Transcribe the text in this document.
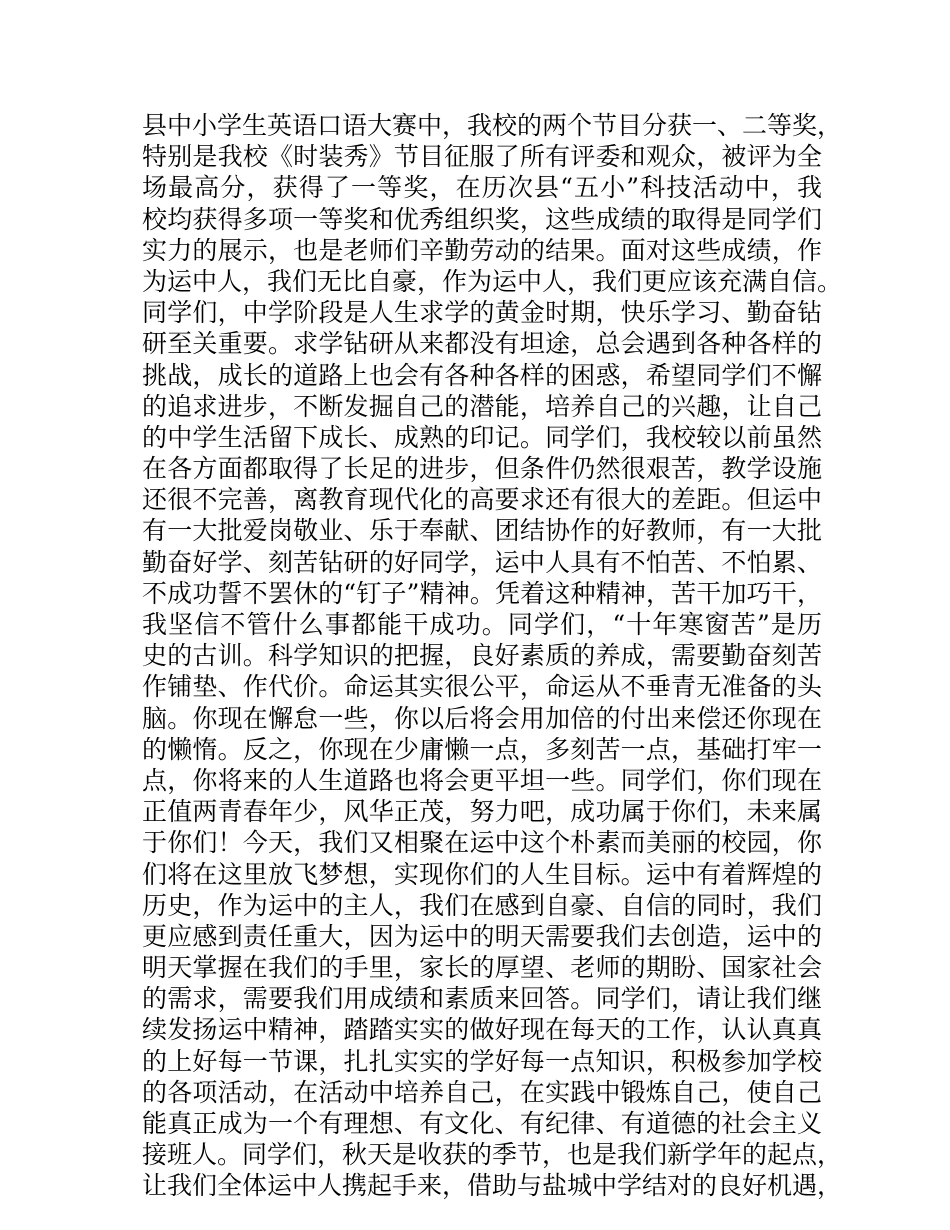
县中小学生英语口语大赛中，我校的两个节目分获一、二等奖，
特别是我校《时装秀》节目征服了所有评委和观众，被评为全
场最高分，获得了一等奖，在历次县“五小”科技活动中，我
校均获得多项一等奖和优秀组织奖，这些成绩的取得是同学们
实力的展示，也是老师们辛勤劳动的结果。面对这些成绩，作
为运中人，我们无比自豪，作为运中人，我们更应该充满自信。
同学们，中学阶段是人生求学的黄金时期，快乐学习、勤奋钻
研至关重要。求学钻研从来都没有坦途，总会遇到各种各样的
挑战，成长的道路上也会有各种各样的困惑，希望同学们不懈
的追求进步，不断发掘自己的潜能，培养自己的兴趣，让自己
的中学生活留下成长、成熟的印记。同学们，我校较以前虽然
在各方面都取得了长足的进步，但条件仍然很艰苦，教学设施
还很不完善，离教育现代化的高要求还有很大的差距。但运中
有一大批爱岗敬业、乐于奉献、团结协作的好教师，有一大批
勤奋好学、刻苦钻研的好同学，运中人具有不怕苦、不怕累、
不成功誓不罢休的“钉子”精神。凭着这种精神，苦干加巧干，
我坚信不管什么事都能干成功。同学们，“十年寒窗苦”是历
史的古训。科学知识的把握，良好素质的养成，需要勤奋刻苦
作铺垫、作代价。命运其实很公平，命运从不垂青无准备的头
脑。你现在懈怠一些，你以后将会用加倍的付出来偿还你现在
的懒惰。反之，你现在少庸懒一点，多刻苦一点，基础打牢一
点，你将来的人生道路也将会更平坦一些。同学们，你们现在
正值两青春年少，风华正茂，努力吧，成功属于你们，未来属
于你们！今天，我们又相聚在运中这个朴素而美丽的校园，你
们将在这里放飞梦想，实现你们的人生目标。运中有着辉煌的
历史，作为运中的主人，我们在感到自豪、自信的同时，我们
更应感到责任重大，因为运中的明天需要我们去创造，运中的
明天掌握在我们的手里，家长的厚望、老师的期盼、国家社会
的需求，需要我们用成绩和素质来回答。同学们，请让我们继
续发扬运中精神，踏踏实实的做好现在每天的工作，认认真真
的上好每一节课，扎扎实实的学好每一点知识，积极参加学校
的各项活动，在活动中培养自己，在实践中锻炼自己，使自己
能真正成为一个有理想、有文化、有纪律、有道德的社会主义
接班人。同学们，秋天是收获的季节，也是我们新学年的起点，
让我们全体运中人携起手来，借助与盐城中学结对的良好机遇，
